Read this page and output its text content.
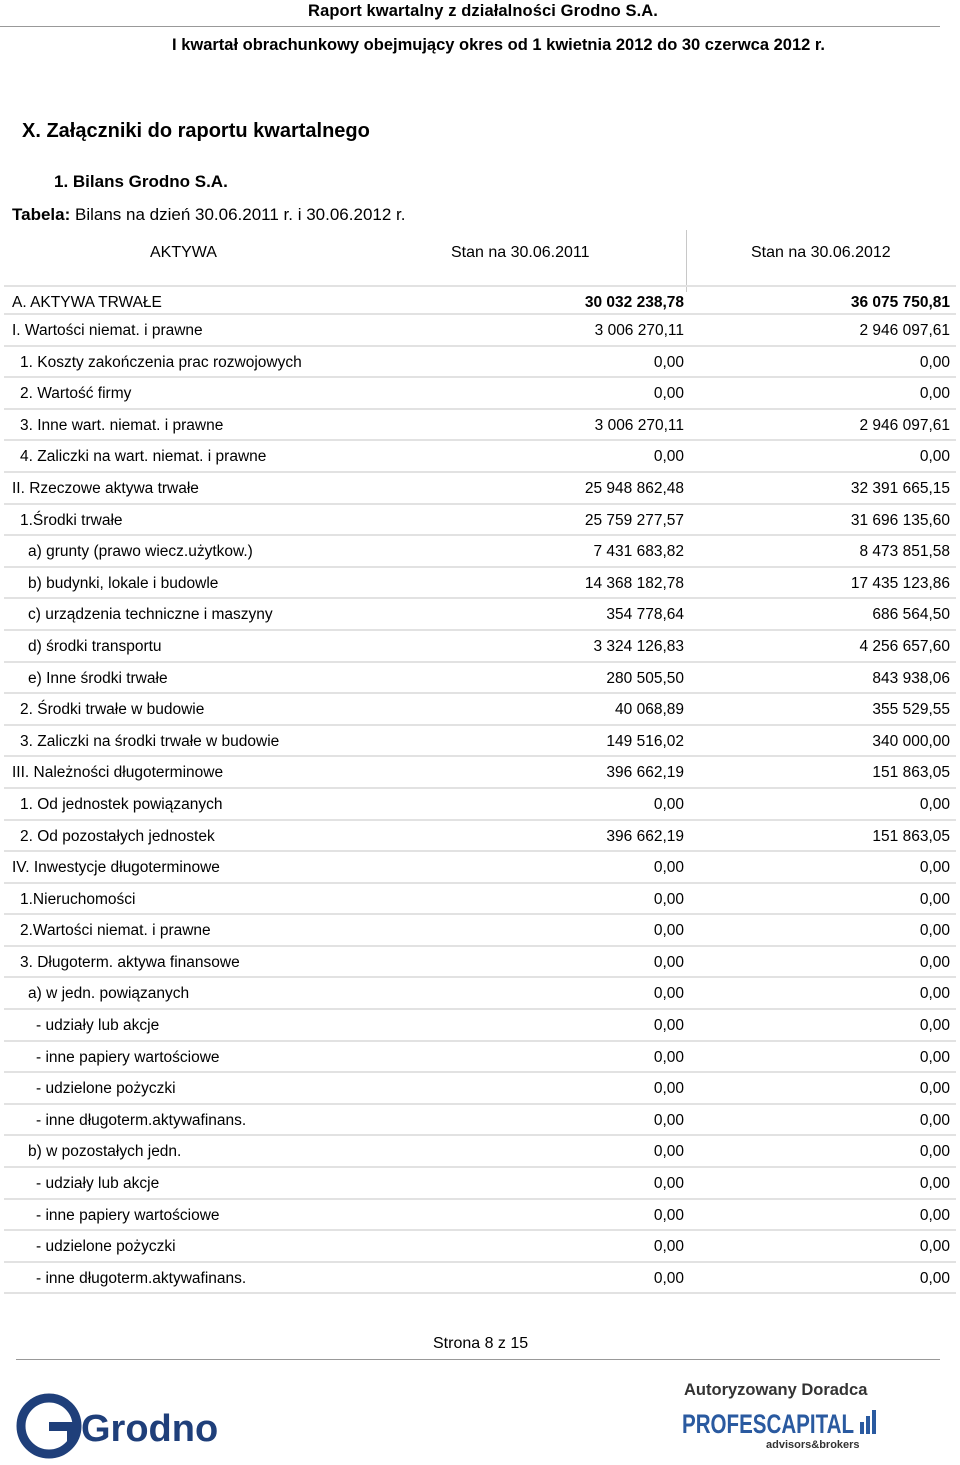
Raport kwartalny z działalności Grodno S.A.
I kwartał obrachunkowy obejmujący okres od 1 kwietnia 2012 do 30 czerwca 2012 r.
X. Załączniki do raportu kwartalnego
1. Bilans Grodno S.A.
Tabela: Bilans na dzień 30.06.2011 r. i 30.06.2012 r.
AKTYWA	Stan na 30.06.2011	Stan na 30.06.2012
A. AKTYWA TRWAŁE	30 032 238,78	36 075 750,81
I. Wartości niemat. i prawne	3 006 270,11	2 946 097,61
1. Koszty zakończenia prac rozwojowych	0,00	0,00
2. Wartość firmy	0,00	0,00
3. Inne wart. niemat. i prawne	3 006 270,11	2 946 097,61
4. Zaliczki na wart. niemat. i prawne	0,00	0,00
II. Rzeczowe aktywa trwałe	25 948 862,48	32 391 665,15
1.Środki trwałe	25 759 277,57	31 696 135,60
a) grunty (prawo wiecz.użytkow.)	7 431 683,82	8 473 851,58
b) budynki, lokale i budowle	14 368 182,78	17 435 123,86
c) urządzenia techniczne i maszyny	354 778,64	686 564,50
d) środki transportu	3 324 126,83	4 256 657,60
e) Inne środki trwałe	280 505,50	843 938,06
2. Środki trwałe w budowie	40 068,89	355 529,55
3. Zaliczki na środki trwałe w budowie	149 516,02	340 000,00
III. Należności długoterminowe	396 662,19	151 863,05
1. Od jednostek powiązanych	0,00	0,00
2. Od pozostałych jednostek	396 662,19	151 863,05
IV. Inwestycje długoterminowe	0,00	0,00
1.Nieruchomości	0,00	0,00
2.Wartości niemat. i prawne	0,00	0,00
3. Długoterm. aktywa finansowe	0,00	0,00
a) w jedn. powiązanych	0,00	0,00
- udziały lub akcje	0,00	0,00
- inne papiery wartościowe	0,00	0,00
- udzielone pożyczki	0,00	0,00
- inne długoterm.aktywafinans.	0,00	0,00
b) w pozostałych jedn.	0,00	0,00
- udziały lub akcje	0,00	0,00
- inne papiery wartościowe	0,00	0,00
- udzielone pożyczki	0,00	0,00
- inne długoterm.aktywafinans.	0,00	0,00
Strona 8 z 15
Grodno
Autoryzowany Doradca
PROFESCAPITAL
advisors&brokers
